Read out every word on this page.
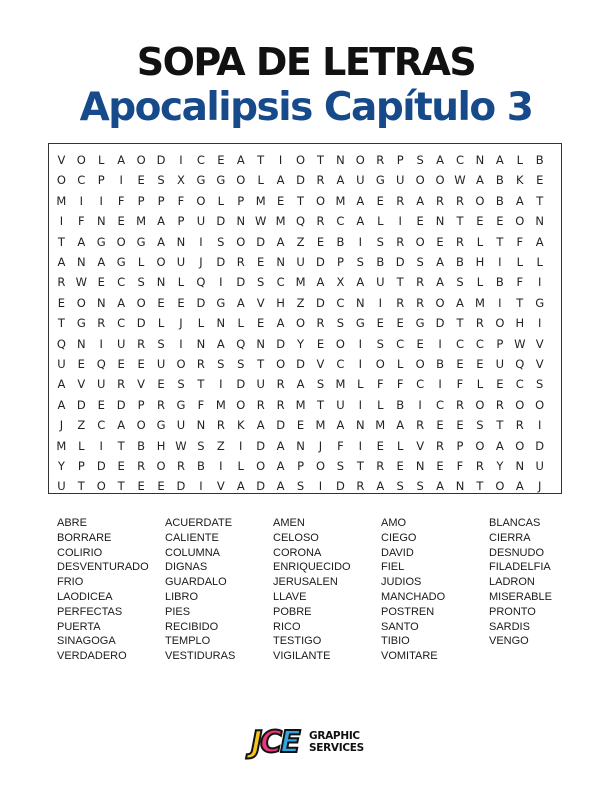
SOPA DE LETRAS
Apocalipsis Capítulo 3
V O	L	A O D	I	C	E	A	T	I	O	T	N O R	P	S	A	C	N	A	L	B
O C	P	I	E	S	X	G G O	L	A	D R	A	U G U O O W A	B	K	E
M	I	I	F	P	P	F	O	L	P	M E	T	O M A	E	R	A	R	R O B	A	T
I	F	N	E M A	P	U D N W M Q R	C	A	L	I	E	N	T	E	E	O N
T	A	G O G	A	N	I	S	O D	A	Z	E	B	I	S	R O	E	R	L	T	F	A
A	N	A	G	L	O U	J	D R	E	N U D	P	S	B	D	S	A	B	H	I	L	L
R W E	C	S	N	L	Q	I	D	S	C M A	X	A	U	T	R	A	S	L	B	F	I
E	O N	A O	E	E	D G	A	V	H	Z	D C	N	I	R	R O A M	I	T	G
T	G R	C	D	L	J	L	N	L	E	A O R	S	G	E	E	G D	T	R O H	I
Q N	I	U	R	S	I	N	A Q N D	Y	E	O	I	S	C	E	I	C	C	P W V
U	E	Q	E	E	U O R	S	S	T	O D	V	C	I	O	L	O B	E	E	U Q V
A	V	U	R	V	E	S	T	I	D U	R	A	S M	L	F	F	C	I	F	L	E	C	S
A	D	E	D	P	R G	F	M O R	R M T	U	I	L	B	I	C	R O R O O
J	Z	C	A O G U N	R	K	A	D	E M A	N M A	R	E	E	S	T	R	I
M	L	I	T	B	H W S	Z	I	D	A	N	J	F	I	E	L	V	R	P	O A O D
Y	P	D	E	R O R	B	I	L	O A	P	O	S	T	R	E	N	E	F	R	Y	N U
U	T	O	T	E	E	D	I	V	A	D	A	S	I	D R	A	S	S	A	N	T	O A	J
ABRE
BORRARE
COLIRIO
DESVENTURADO
FRIO
LAODICEA
PERFECTAS
PUERTA
SINAGOGA
VERDADERO
ACUERDATE
CALIENTE
COLUMNA
DIGNAS
GUARDALO
LIBRO
PIES
RECIBIDO
TEMPLO
VESTIDURAS
AMEN
CELOSO
CORONA
ENRIQUECIDO
JERUSALEN
LLAVE
POBRE
RICO
TESTIGO
VIGILANTE
AMO
CIEGO
DAVID
FIEL
JUDIOS
MANCHADO
POSTREN
SANTO
TIBIO
VOMITARE
BLANCAS
CIERRA
DESNUDO
FILADELFIA
LADRON
MISERABLE
PRONTO
SARDIS
VENGO
JCE GRAPHIC
SERVICES
